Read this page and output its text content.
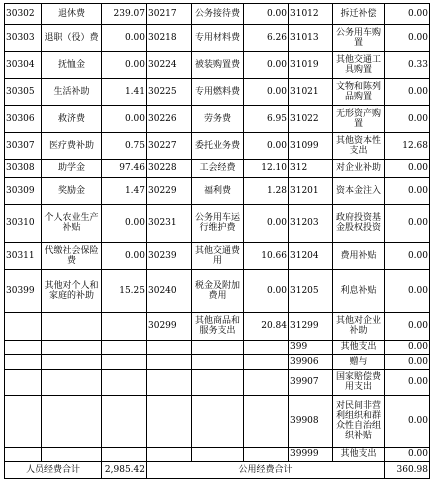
30302	退休费	239.07	30217	公务接待费	0.00	31012	拆迁补偿	0.00
30303	退职（役）费	0.00	30218	专用材料费	6.26	31013	公务用车购置	0.00
30304	抚恤金	0.00	30224	被装购置费	0.00	31019	其他交通工具购置	0.33
30305	生活补助	1.41	30225	专用燃料费	0.00	31021	文物和陈列品购置	0.00
30306	救济费	0.00	30226	劳务费	6.95	31022	无形资产购置	0.00
30307	医疗费补助	0.75	30227	委托业务费	0.00	31099	其他资本性支出	12.68
30308	助学金	97.46	30228	工会经费	12.10	312	对企业补助	0.00
30309	奖励金	1.47	30229	福利费	1.28	31201	资本金注入	0.00
30310	个人农业生产补贴	0.00	30231	公务用车运行维护费	0.00	31203	政府投资基金股权投资	0.00
30311	代缴社会保险费	0.00	30239	其他交通费用	10.66	31204	费用补贴	0.00
30399	其他对个人和家庭的补助	15.25	30240	税金及附加费用	0.00	31205	利息补贴	0.00
			30299	其他商品和服务支出	20.84	31299	其他对企业补助	0.00
						399	其他支出	0.00
						39906	赠与	0.00
						39907	国家赔偿费用支出	0.00
						39908	对民间非营利组织和群众性自治组织补贴	0.00
						39999	其他支出	0.00
人员经费合计		2,985.42	公用经费合计					360.98
